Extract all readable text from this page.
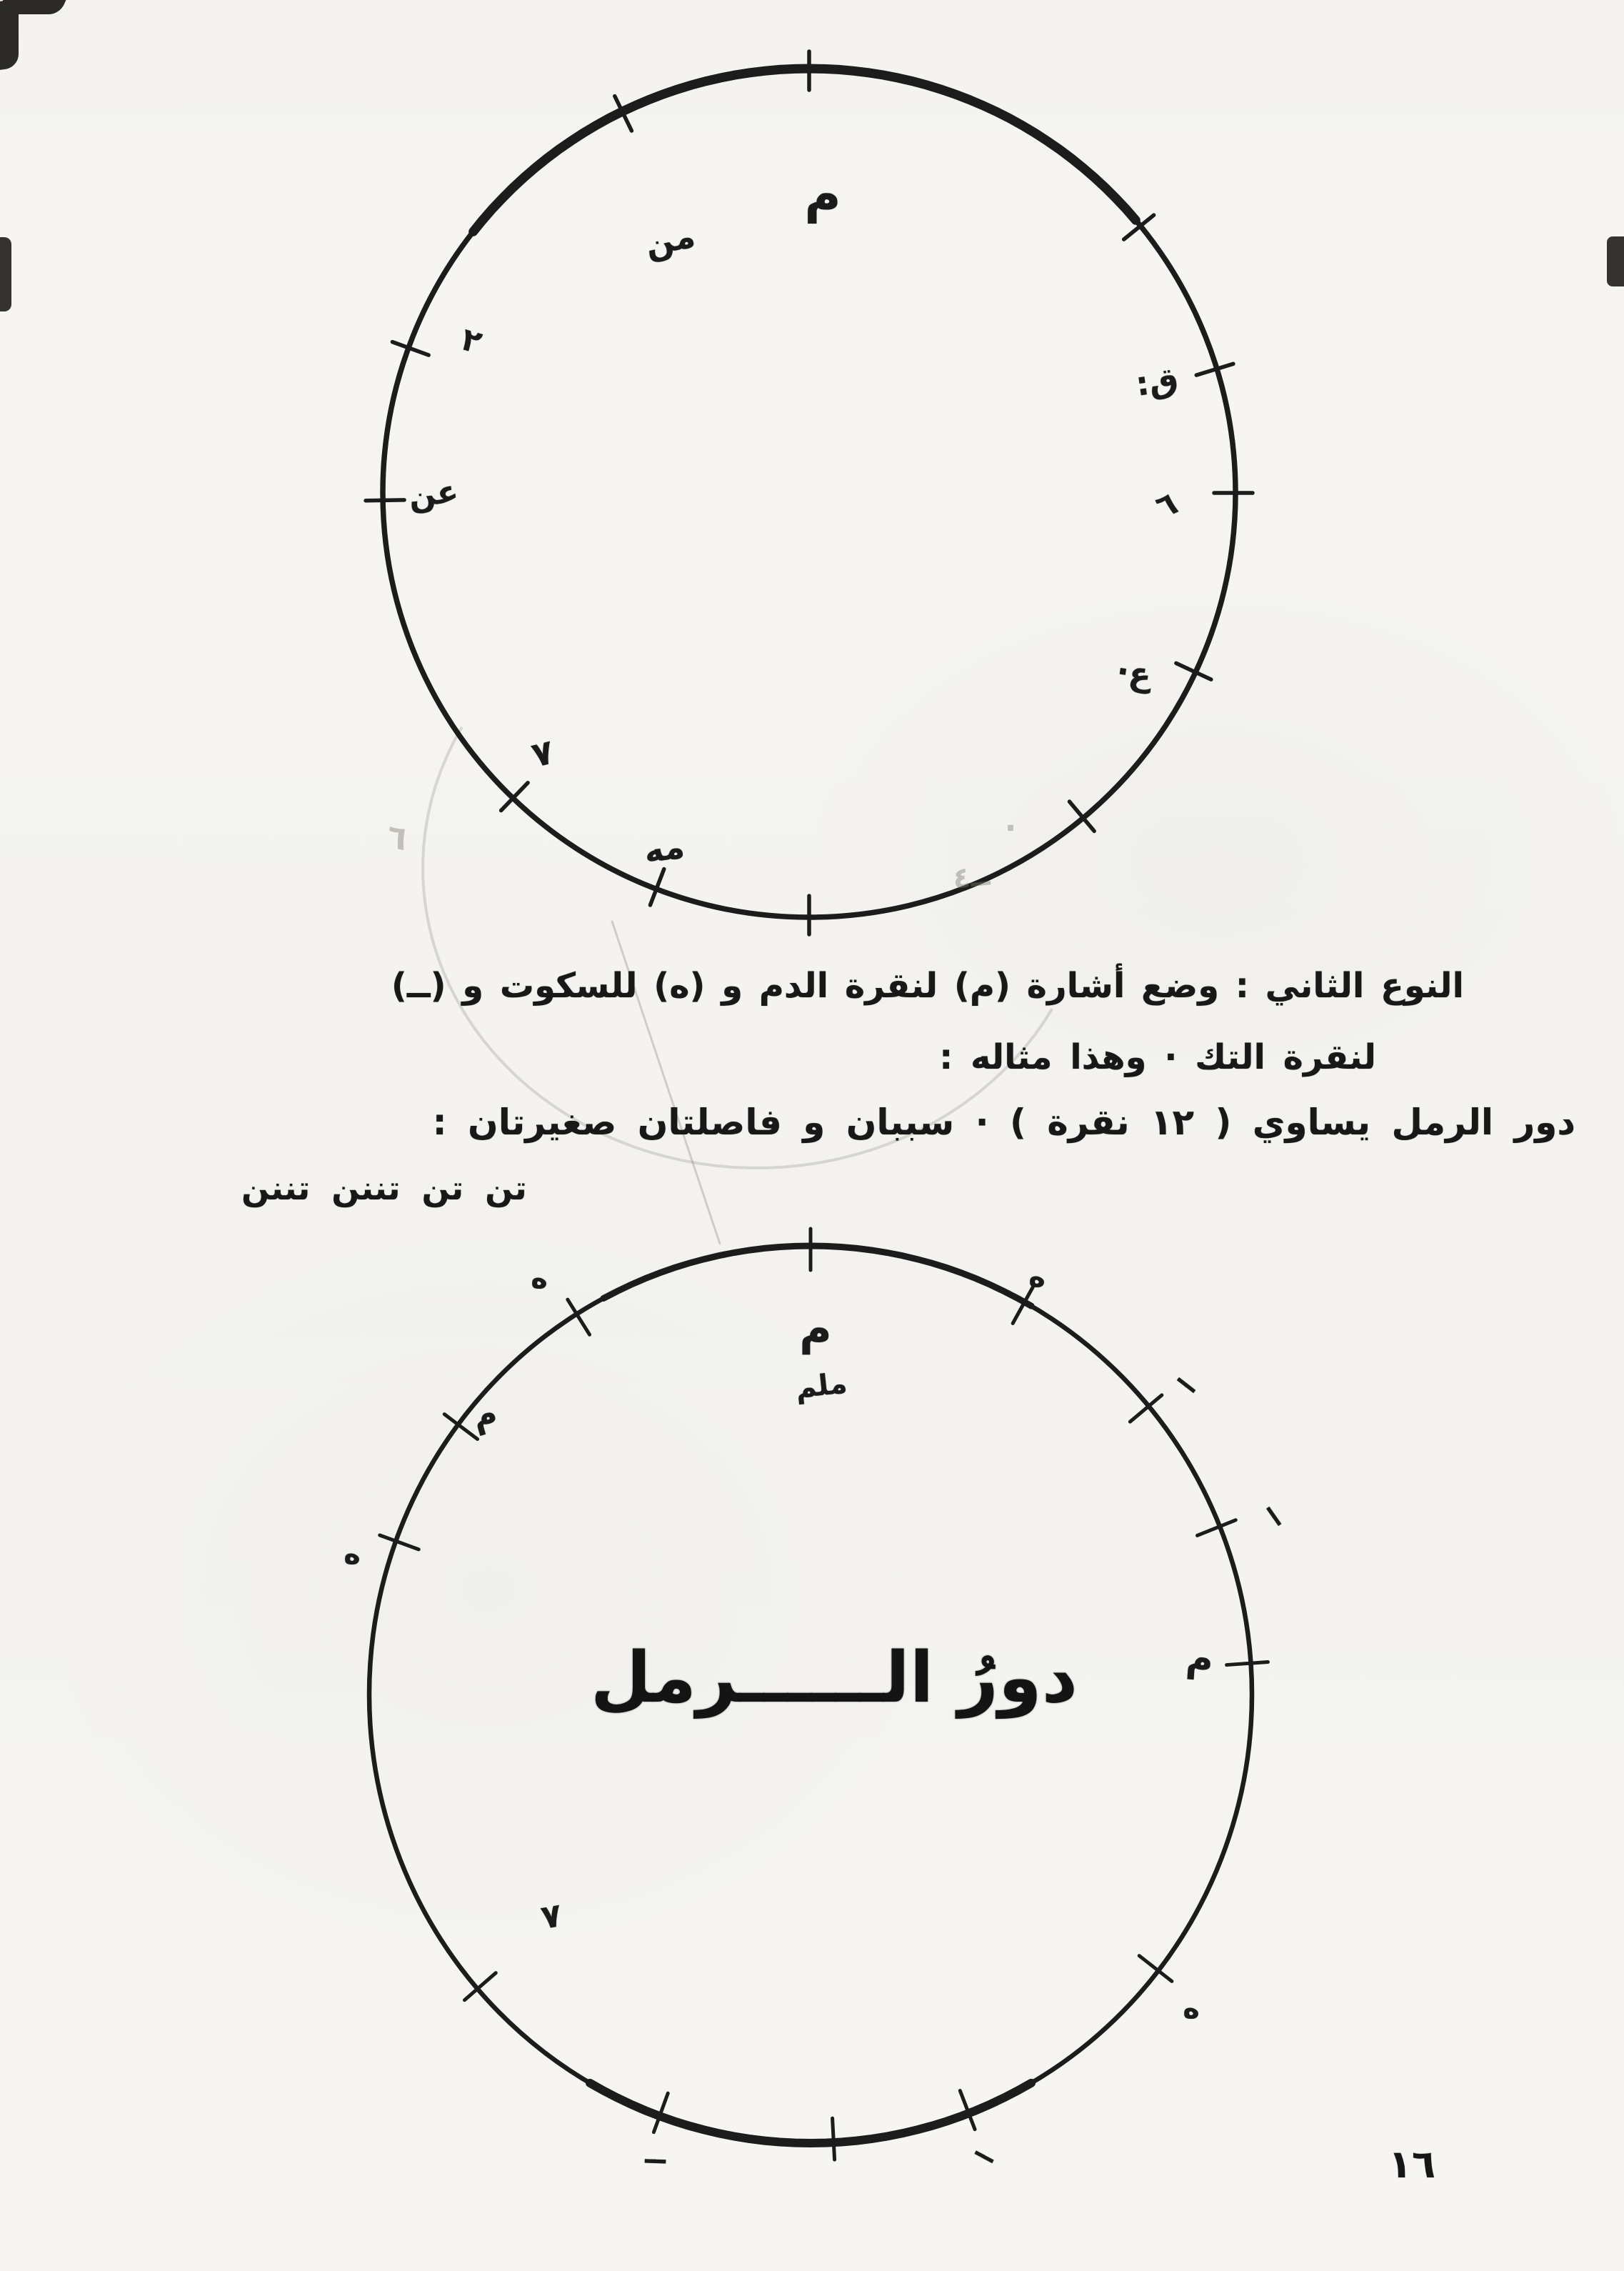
م
من
٢
عن
٧
مه
ق:
٦
ع·
م
ملم
ه
ــ
ــ
م
ه
ــ
ــ
٧
ه
م
ه
٦
ــ٤
·
النوع الثاني : وضع أشارة (م) لنقرة الدم و (ه) للسكوت و (ــ)
لنقرة التك · وهذا مثاله :
دور الرمل يساوي ( ١٢ نقرة ) · سببان و فاصلتان صغيرتان :
تن تن تننن تننن
دورُ الــــــرمل
١٦
